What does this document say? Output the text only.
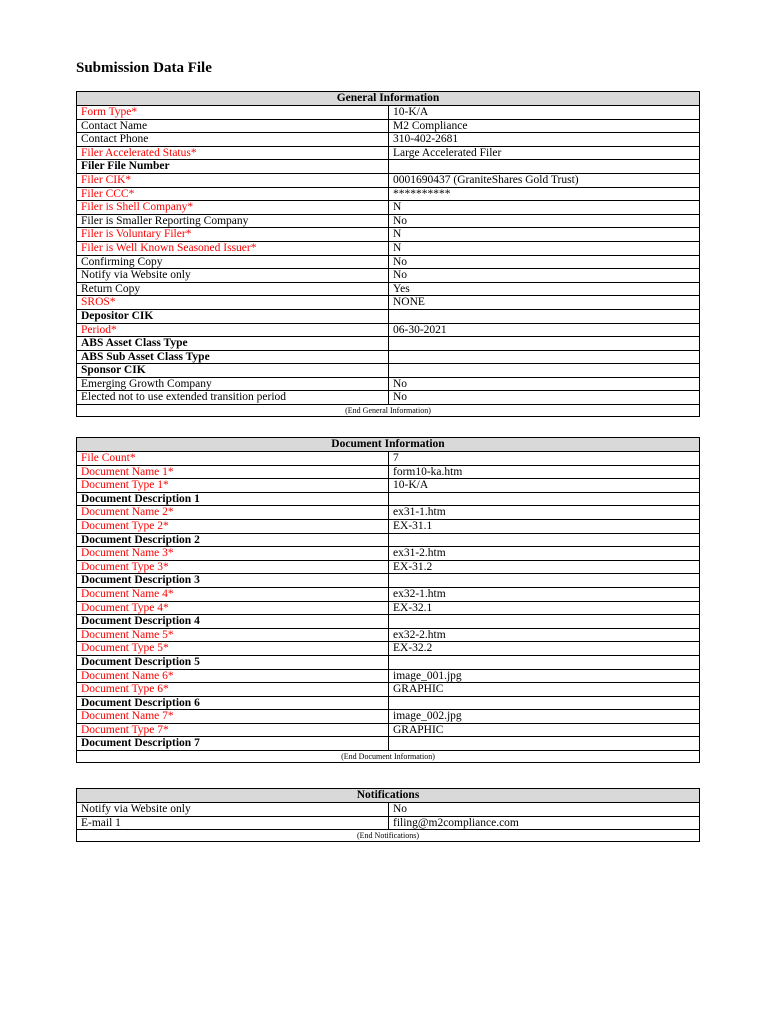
Submission Data File
General Information
Form Type*	10-K/A
Contact Name	M2 Compliance
Contact Phone	310-402-2681
Filer Accelerated Status*	Large Accelerated Filer
Filer File Number
Filer CIK*	0001690437 (GraniteShares Gold Trust)
Filer CCC*	**********
Filer is Shell Company*	N
Filer is Smaller Reporting Company	No
Filer is Voluntary Filer*	N
Filer is Well Known Seasoned Issuer*	N
Confirming Copy	No
Notify via Website only	No
Return Copy	Yes
SROS*	NONE
Depositor CIK
Period*	06-30-2021
ABS Asset Class Type
ABS Sub Asset Class Type
Sponsor CIK
Emerging Growth Company	No
Elected not to use extended transition period	No
(End General Information)
Document Information
File Count*	7
Document Name 1*	form10-ka.htm
Document Type 1*	10-K/A
Document Description 1
Document Name 2*	ex31-1.htm
Document Type 2*	EX-31.1
Document Description 2
Document Name 3*	ex31-2.htm
Document Type 3*	EX-31.2
Document Description 3
Document Name 4*	ex32-1.htm
Document Type 4*	EX-32.1
Document Description 4
Document Name 5*	ex32-2.htm
Document Type 5*	EX-32.2
Document Description 5
Document Name 6*	image_001.jpg
Document Type 6*	GRAPHIC
Document Description 6
Document Name 7*	image_002.jpg
Document Type 7*	GRAPHIC
Document Description 7
(End Document Information)
Notifications
Notify via Website only	No
E-mail 1	filing@m2compliance.com
(End Notifications)
